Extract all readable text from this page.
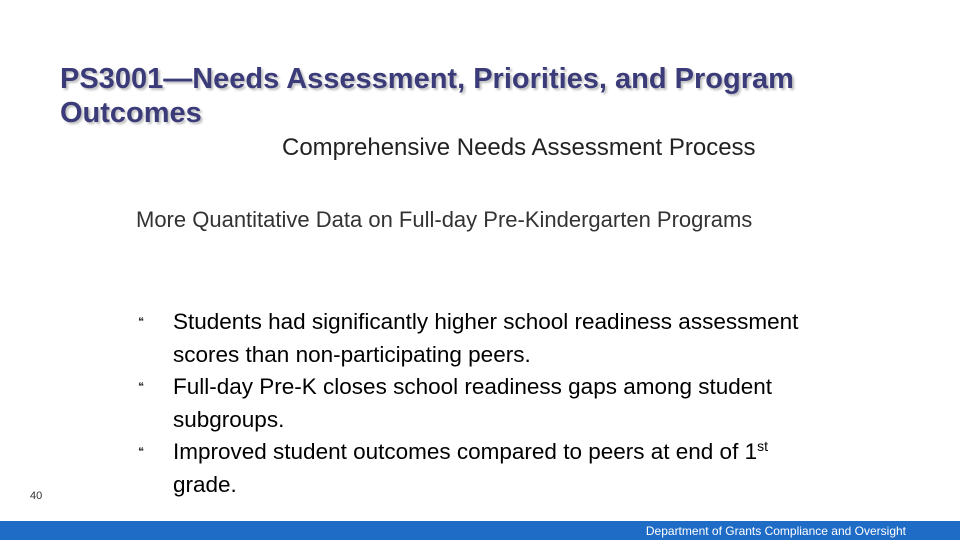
PS3001—Needs Assessment, Priorities, and Program Outcomes
Comprehensive Needs Assessment Process
More Quantitative Data on Full-day Pre-Kindergarten Programs
❝ Students had significantly higher school readiness assessment scores than non-participating peers.
❝ Full-day Pre-K closes school readiness gaps among student subgroups.
❝ Improved student outcomes compared to peers at end of 1st grade.
40
Department of Grants Compliance and Oversight
